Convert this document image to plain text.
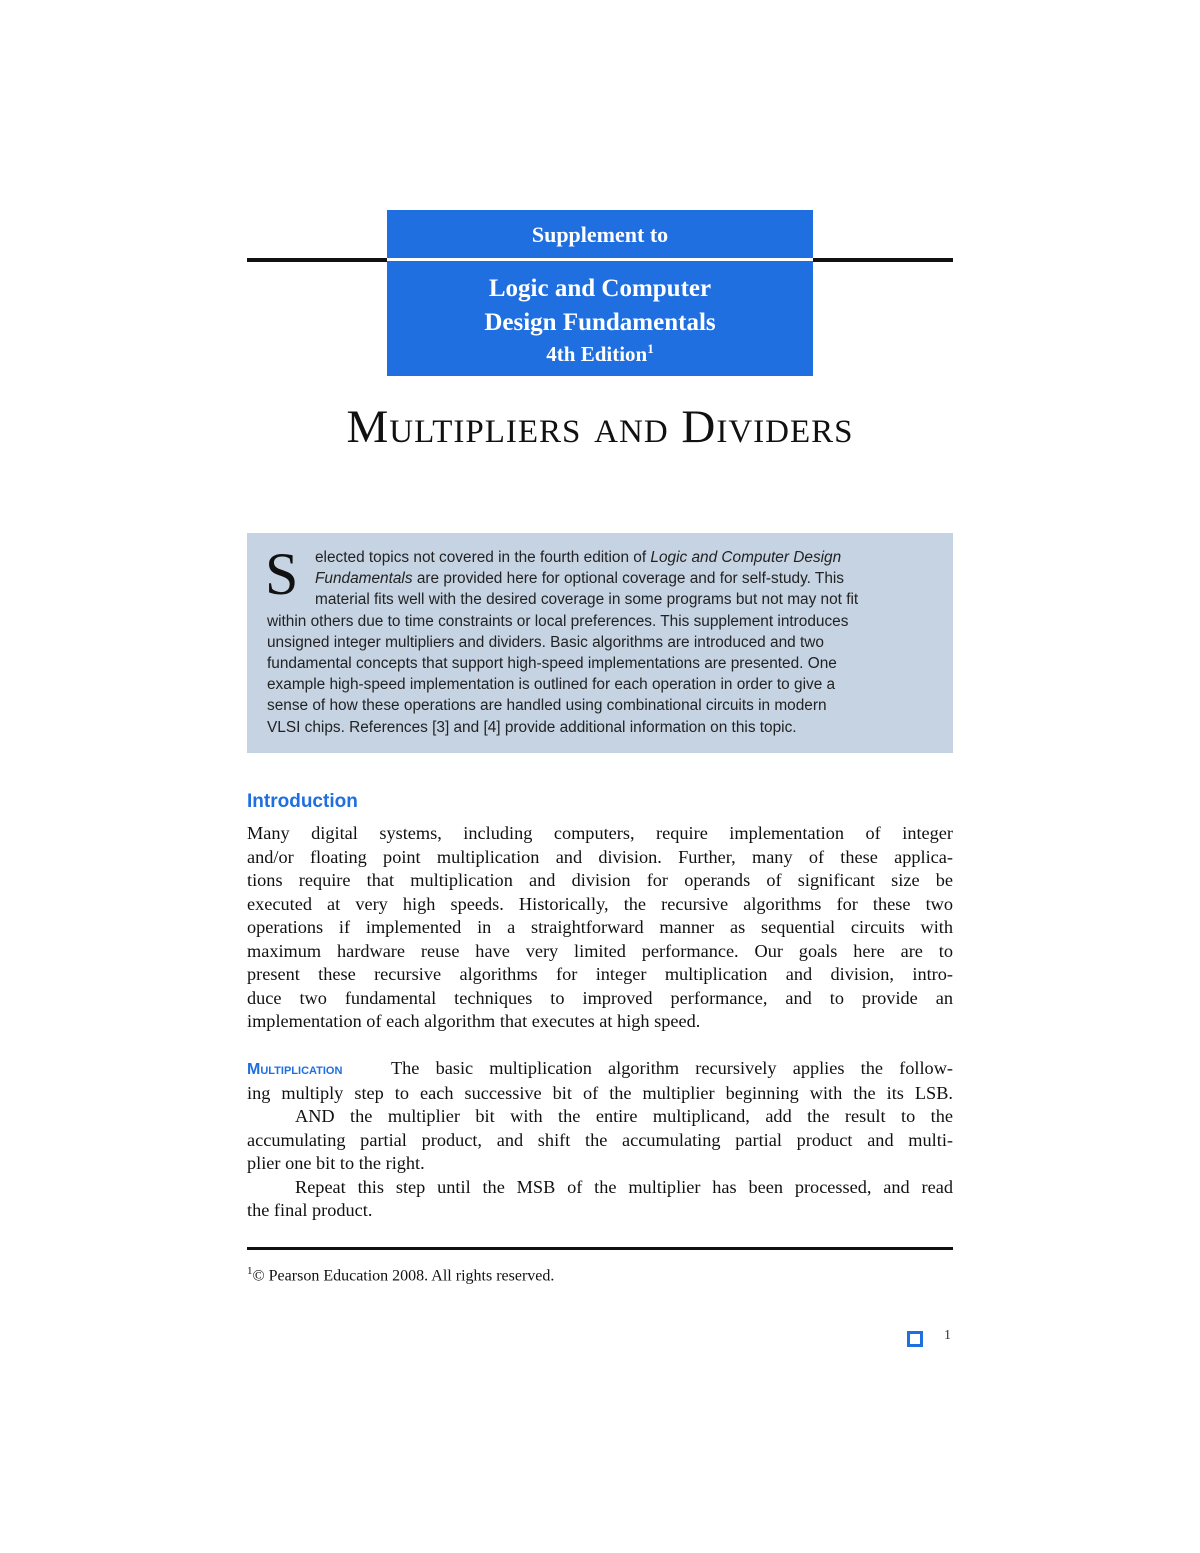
Supplement to
Logic and Computer
Design Fundamentals
4th Edition$^1$
Multipliers and Dividers
S	elected topics not covered in the fourth edition of Logic and Computer Design
Fundamentals are provided here for optional coverage and for self-study. This
material fits well with the desired coverage in some programs but not may not fit
within others due to time constraints or local preferences. This supplement introduces
unsigned integer multipliers and dividers. Basic algorithms are introduced and two
fundamental concepts that support high-speed implementations are presented. One
example high-speed implementation is outlined for each operation in order to give a
sense of how these operations are handled using combinational circuits in modern
VLSI chips. References [3] and [4] provide additional information on this topic.
Introduction
Many digital systems, including computers, require implementation of integer
and/or floating point multiplication and division. Further, many of these applica-
tions require that multiplication and division for operands of significant size be
executed at very high speeds. Historically, the recursive algorithms for these two
operations if implemented in a straightforward manner as sequential circuits with
maximum hardware reuse have very limited performance. Our goals here are to
present these recursive algorithms for integer multiplication and division, intro-
duce two fundamental techniques to improved performance, and to provide an
implementation of each algorithm that executes at high speed.
Multiplication	The basic multiplication algorithm recursively applies the follow-
ing multiply step to each successive bit of the multiplier beginning with the its LSB.
AND the multiplier bit with the entire multiplicand, add the result to the
accumulating partial product, and shift the accumulating partial product and multi-
plier one bit to the right.
Repeat this step until the MSB of the multiplier has been processed, and read
the final product.
$^1$© Pearson Education 2008. All rights reserved.
1
